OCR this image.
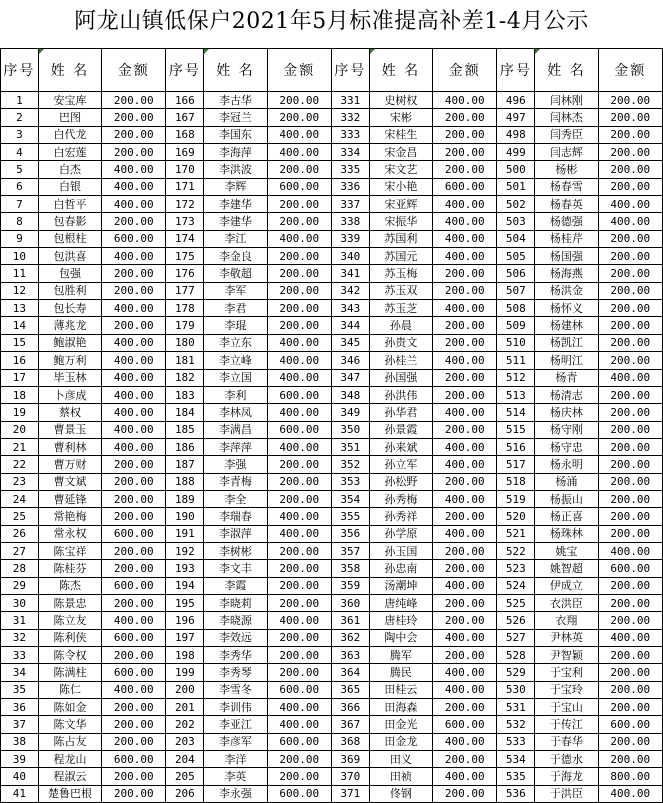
阿龙山镇低保户2021年5月标准提高补差1-4月公示
序号	姓 名	金额	序号	姓 名	金额	序号	姓 名	金额	序号	姓 名	金额
1	安宝库	200.00	166	李古华	200.00	331	史树权	400.00	496	闫林刚	200.00
2	巴图	200.00	167	李冠兰	200.00	332	宋彬	200.00	497	闫林杰	200.00
3	白代龙	200.00	168	李国东	400.00	333	宋桂生	200.00	498	闫秀臣	200.00
4	白宏莲	200.00	169	李海萍	400.00	334	宋金昌	200.00	499	闫志辉	200.00
5	白杰	400.00	170	李洪波	200.00	335	宋文艺	200.00	500	杨彬	200.00
6	白银	400.00	171	李辉	600.00	336	宋小艳	600.00	501	杨春雪	200.00
7	白哲平	400.00	172	李建华	200.00	337	宋亚辉	400.00	502	杨春英	400.00
8	包春影	200.00	173	李建华	200.00	338	宋振华	400.00	503	杨德强	400.00
9	包根柱	600.00	174	李江	400.00	339	苏国利	400.00	504	杨桂芹	200.00
10	包洪喜	400.00	175	李金良	200.00	340	苏国元	400.00	505	杨国强	200.00
11	包强	200.00	176	李敬超	200.00	341	苏玉梅	200.00	506	杨海燕	200.00
12	包胜利	200.00	177	李军	200.00	342	苏玉双	200.00	507	杨洪金	200.00
13	包长寿	400.00	178	李君	200.00	343	苏玉芝	400.00	508	杨怀义	200.00
14	薄兆龙	200.00	179	李琨	200.00	344	孙晨	200.00	509	杨建林	200.00
15	鲍淑艳	400.00	180	李立东	400.00	345	孙贵文	200.00	510	杨凯江	200.00
16	鲍万利	400.00	181	李立峰	400.00	346	孙桂兰	400.00	511	杨明江	200.00
17	毕玉林	400.00	182	李立国	400.00	347	孙国强	200.00	512	杨青	400.00
18	卜彦成	400.00	183	李利	600.00	348	孙洪伟	200.00	513	杨清志	200.00
19	蔡权	400.00	184	李林凤	400.00	349	孙华君	400.00	514	杨庆林	200.00
20	曹景玉	400.00	185	李满昌	600.00	350	孙景霞	200.00	515	杨守刚	200.00
21	曹利林	400.00	186	李萍萍	400.00	351	孙来斌	400.00	516	杨守忠	200.00
22	曹万财	200.00	187	李强	200.00	352	孙立军	400.00	517	杨永明	200.00
23	曹文斌	200.00	188	李青梅	200.00	353	孙松野	200.00	518	杨涌	200.00
24	曹延锋	200.00	189	李全	200.00	354	孙秀梅	400.00	519	杨振山	200.00
25	常艳梅	200.00	190	李瑞春	400.00	355	孙秀祥	200.00	520	杨正喜	200.00
26	常永权	600.00	191	李淑萍	400.00	356	孙学原	400.00	521	杨珠林	200.00
27	陈宝祥	200.00	192	李树彬	200.00	357	孙玉国	200.00	522	姚宝	400.00
28	陈桂芬	200.00	193	李文丰	200.00	358	孙忠南	200.00	523	姚智超	600.00
29	陈杰	600.00	194	李霞	200.00	359	汤潮坤	400.00	524	伊成立	200.00
30	陈景忠	200.00	195	李晓莉	200.00	360	唐纯峰	200.00	525	衣洪臣	200.00
31	陈立友	400.00	196	李晓源	400.00	361	唐桂玲	200.00	526	衣翔	200.00
32	陈利侠	600.00	197	李效远	200.00	362	陶中会	400.00	527	尹林英	400.00
33	陈令权	200.00	198	李秀华	200.00	363	腾军	200.00	528	尹智颖	200.00
34	陈满柱	600.00	199	李秀琴	200.00	364	腾民	400.00	529	于宝利	200.00
35	陈仁	400.00	200	李雪冬	600.00	365	田桂云	400.00	530	于宝玲	200.00
36	陈如金	200.00	201	李训伟	400.00	366	田海森	200.00	531	于宝山	200.00
37	陈文华	200.00	202	李亚江	400.00	367	田金光	600.00	532	于传江	600.00
38	陈占友	200.00	203	李彦军	600.00	368	田金龙	400.00	533	于春华	200.00
39	程龙山	600.00	204	李洋	200.00	369	田义	200.00	534	于德水	200.00
40	程淑云	200.00	205	李英	200.00	370	田祯	400.00	535	于海龙	800.00
41	楚鲁巴根	200.00	206	李永强	600.00	371	佟钢	200.00	536	于洪臣	400.00
